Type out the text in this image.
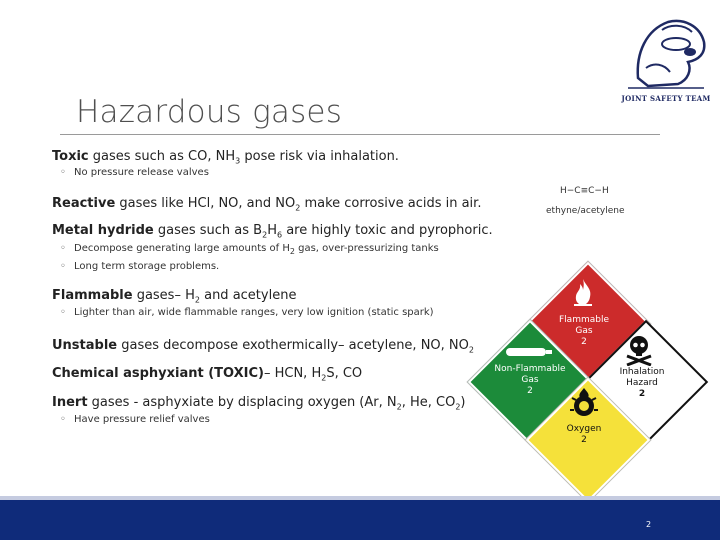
JOINT SAFETY TEAM
Hazardous gases
Toxic gases such as CO, $NH_3$ pose risk via inhalation.
◦ No pressure release valves
Reactive gases like HCl, NO, and $NO_2$ make corrosive acids in air.
Metal hydride gases such as $B_2H_6$ are highly toxic and pyrophoric.
◦ Decompose generating large amounts of $H_2$ gas, over-pressurizing tanks
◦ Long term storage problems.
Flammable gases– $H_2$ and acetylene
◦ Lighter than air, wide flammable ranges, very low ignition (static spark)
Unstable gases decompose exothermically– acetylene, NO, $NO_2$
Chemical asphyxiant (TOXIC)– HCN, $H_2S$, CO
Inert gases - asphyxiate by displacing oxygen (Ar, $N_2$, He, $CO_2$)
◦ Have pressure relief valves
H−C≡C−H
ethyne/acetylene
Flammable
Gas
2
Non-Flammable
Gas
2
Inhalation
Hazard
2
Oxygen
2
2
